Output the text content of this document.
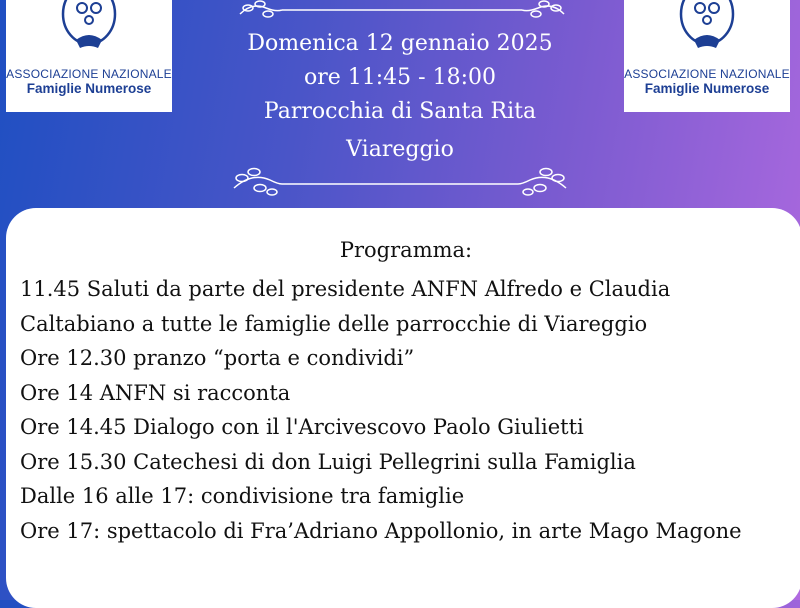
ASSOCIAZIONE NAZIONALE
Famiglie Numerose
ASSOCIAZIONE NAZIONALE
Famiglie Numerose
Domenica 12 gennaio 2025
ore 11:45 - 18:00
Parrocchia di Santa Rita
Viareggio
Programma:
11.45 Saluti da parte del presidente ANFN Alfredo e Claudia
Caltabiano a tutte le famiglie delle parrocchie di Viareggio
Ore 12.30 pranzo “porta e condividi”
Ore 14 ANFN si racconta
Ore 14.45 Dialogo con il l'Arcivescovo Paolo Giulietti
Ore 15.30 Catechesi di don Luigi Pellegrini sulla Famiglia
Dalle 16 alle 17: condivisione tra famiglie
Ore 17: spettacolo di Fra’Adriano Appollonio, in arte Mago Magone
